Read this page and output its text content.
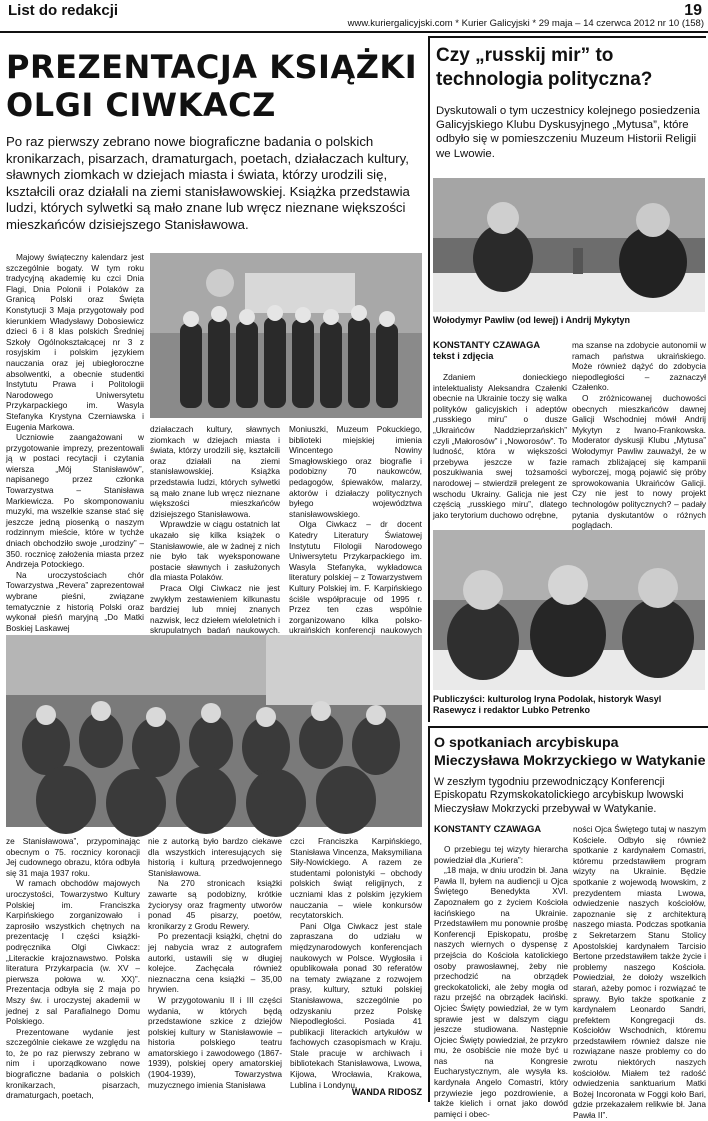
List do redakcji	19
www.kuriergalicyjski.com * Kurier Galicyjski * 29 maja – 14 czerwca 2012 nr 10 (158)
PREZENTACJA KSIĄŻKI
OLGI CIWKACZ
Po raz pierwszy zebrano nowe biograficzne badania o polskich kronikarzach, pisarzach, dramaturgach, poetach, działaczach kultury, sławnych ziomkach w dziejach miasta i świata, którzy urodzili się, kształcili oraz działali na ziemi stanisławowskiej. Książka przedstawia ludzi, których sylwetki są mało znane lub wręcz nieznane większości mieszkańców dzisiejszego Stanisławowa.

Majowy świąteczny kalendarz jest szczególnie bogaty. W tym roku tradycyjną akademię ku czci Dnia Flagi, Dnia Polonii i Polaków za Granicą Polski oraz Święta Konstytucji 3 Maja przygotowały pod kierunkiem Władysławy Dobosiewicz dzieci 6 i 8 klas polskich Średniej Szkoły Ogólnokształcącej nr 3 z rosyjskim i polskim językiem nauczania oraz jej ubiegłoroczne absolwentki, a obecnie studentki Instytutu Prawa i Politologii Narodowego Uniwersytetu Przykarpackiego im. Wasyla Stefanyka Krystyna Czerniawska i Eugenia Markowa.

Uczniowie zaangażowani w przygotowanie imprezy, prezentowali ją w postaci recytacji i czytania wiersza „Mój Stanisławów”, napisanego przez członka Towarzystwa – Stanisława Markiewicza. Po skomponowaniu muzyki, ma wszelkie szanse stać się jeszcze jedną piosenką o naszym rodzinnym mieście, które w tychże dniach obchodziło swoje „urodziny” – 350. rocznicę założenia miasta przez Andrzeja Potockiego.

Na uroczystościach chór Towarzystwa „Revera” zaprezentował wybrane pieśni, związane tematycznie z historią Polski oraz wykonał pieśń maryjną „Do Matki Boskiej Laskawej

działaczach kultury, sławnych ziomkach w dziejach miasta i świata, którzy urodzili się, kształcili oraz działali na ziemi stanisławowskiej. Książka przedstawia ludzi, których sylwetki są mało znane lub wręcz nieznane większości mieszkańców dzisiejszego Stanisławowa.

Wprawdzie w ciągu ostatnich lat ukazało się kilka książek o Stanisławowie, ale w żadnej z nich nie było tak wyeksponowane postacie sławnych i zasłużonych dla miasta Polaków.

Praca Olgi Ciwkacz nie jest zwykłym zestawieniem kilkunastu bardziej lub mniej znanych nazwisk, lecz dziełem wieloletnich i skrupulatnych badań naukowych.

Moniuszki, Muzeum Pokuckiego, biblioteki miejskiej imienia Wincentego Nowiny Smagłowskiego oraz biografie i podobizny 70 naukowców, pedagogów, śpiewaków, malarzy, aktorów i działaczy politycznych byłego województwa stanisławowskiego.

Olga Ciwkacz – dr docent Katedry Literatury Światowej Instytutu Filologii Narodowego Uniwersytetu Przykarpackiego im. Wasyla Stefanyka, wykładowca literatury polskiej – z Towarzystwem Kultury Polskiej im. F. Karpińskiego ściśle współpracuje od 1995 r. Przez ten czas wspólnie zorganizowano kilka polsko-ukraińskich konferencji naukowych

ze Stanisławowa”, przypominając obecnym o 75. rocznicy koronacji Jej cudownego obrazu, która odbyła się 31 maja 1937 roku.

W ramach obchodów majowych uroczystości, Towarzystwo Kultury Polskiej im. Franciszka Karpińskiego zorganizowało i zaprosiło wszystkich chętnych na prezentację I części książki-podręcznika Olgi Ciwkacz: „Literackie krajoznawstwo. Polska literatura Przykarpacia (w. XV – pierwsza połowa w. XX)”. Prezentacja odbyła się 2 maja po Mszy św. i uroczystej akademii w jednej z sal Parafialnego Domu Polskiego.

Prezentowane wydanie jest szczególnie ciekawe ze względu na to, że po raz pierwszy zebrano w nim i uporządkowano nowe biograficzne badania o polskich kronikarzach, pisarzach, dramaturgach, poetach,

nie z autorką było bardzo ciekawe dla wszystkich interesujących się historią i kulturą przedwojennego Stanisławowa.

Na 270 stronicach książki zawarte są podobizny, krótkie życiorysy oraz fragmenty utworów ponad 45 pisarzy, poetów, kronikarzy z Grodu Rewery.

Po prezentacji książki, chętni do jej nabycia wraz z autografem autorki, ustawili się w długiej kolejce. Zachęcała również nieznaczna cena książki – 35,00 hrywien.

W przygotowaniu II i III części wydania, w których będą przedstawione szkice z dziejów polskiej kultury w Stanisławowie – historia polskiego teatru amatorskiego i zawodowego (1867-1939), polskiej opery amatorskiej (1904-1939), Towarzystwa muzycznego imienia Stanisława

czci Franciszka Karpińskiego, Stanisława Vincenza, Maksymiliana Siły-Nowickiego. A razem ze studentami polonistyki – obchody polskich świąt religijnych, z uczniami klas z polskim językiem nauczania – wiele konkursów recytatorskich.

Pani Olga Ciwkacz jest stale zapraszana do udziału w międzynarodowych konferencjach naukowych w Polsce. Wygłosiła i opublikowała ponad 30 referatów na tematy związane z rozwojem prasy, kultury, sztuki polskiej Stanisławowa, szczególnie po odzyskaniu przez Polskę Niepodległości. Posiada 41 publikacji literackich artykułów w fachowych czasopismach w Kraju. Stale pracuje w archiwach i bibliotekach Stanisławowa, Lwowa, Kijowa, Wrocławia, Krakowa, Lublina i Londynu.

WANDA RIDOSZ
Czy „russkij mir” to technologia polityczna?
Dyskutowali o tym uczestnicy kolejnego posiedzenia Galicyjskiego Klubu Dyskusyjnego „Mytusa”, które odbyło się w pomieszczeniu Muzeum Historii Religii we Lwowie.
Wołodymyr Pawliw (od lewej) i Andrij Mykytyn
KONSTANTY CZAWAGA
tekst i zdjęcia

Zdaniem donieckiego intelektualisty Aleksandra Czałenki obecnie na Ukrainie toczy się walka polityków galicyjskich i adeptów „russkiego miru” o dusze „Ukraińców Naddzieprzańskich” czyli „Małorosów” i „Noworosów”. To ludność, która w większości przebywa jeszcze w fazie poszukiwania swej tożsamości narodowej – stwierdził prelegent ze wschodu Ukrainy. Galicja nie jest częścią „russkiego miru”, dlatego jako terytorium duchowo odrębne,

ma szanse na zdobycie autonomii w ramach państwa ukraińskiego. Może również dążyć do zdobycia niepodległości – zaznaczył Czałenko.

O zróżnicowanej duchowości obecnych mieszkańców dawnej Galicji Wschodniej mówił Andrij Mykytyn z Iwano-Frankowska. Moderator dyskusji Klubu „Mytusa” Wołodymyr Pawliw zauważył, że w ramach zbliżającej się kampanii wyborczej, mogą pojawić się próby sprowokowania Ukraińców Galicji. Czy nie jest to nowy projekt technologów politycznych? – padały pytania dyskutantów o różnych poglądach.

Publiczyści: kulturolog Iryna Podolak, historyk Wasyl Rasewycz i redaktor Lubko Petrenko
O spotkaniach arcybiskupa Mieczysława Mokrzyckiego w Watykanie
W zeszłym tygodniu przewodniczący Konferencji Episkopatu Rzymskokatolickiego arcybiskup lwowski Mieczysław Mokrzycki przebywał w Watykanie.
KONSTANTY CZAWAGA

O przebiegu tej wizyty hierarcha powiedział dla „Kuriera”:

„18 maja, w dniu urodzin bł. Jana Pawła II, byłem na audiencji u Ojca Świętego Benedykta XVI. Zapoznałem go z życiem Kościoła łacińskiego na Ukrainie. Przedstawiłem mu ponownie prośbę Konferencji Episkopatu, prośbę naszych wiernych o dyspensę z przejścia do Kościoła katolickiego osoby prawosławnej, żeby nie przechodzić na obrządek greckokatolicki, ale żeby mogła od razu przejść na obrządek łaciński. Ojciec Święty powiedział, że w tym sprawie jest w dalszym ciągu jeszcze studiowana. Następnie Ojciec Święty powiedział, że przykro mu, że osobiście nie może być u nas na Kongresie Eucharystycznym, ale wysyła ks. kardynała Angelo Comastri, który przywiezie jego pozdrowienie, a także kielich i ornat jako dowód pamięci i obec-

ności Ojca Świętego tutaj w naszym Kościele. Odbyło się również spotkanie z kardynałem Comastri, któremu przedstawiłem program wizyty na Ukrainie. Będzie spotkanie z wojewodą lwowskim, z prezydentem miasta Lwowa, odwiedzenie naszych kościołów, zapoznanie się z architekturą naszego miasta. Podczas spotkania z Sekretarzem Stanu Stolicy Apostolskiej kardynałem Tarcisio Bertone przedstawiłem także życie i problemy naszego Kościoła. Powiedział, że dołoży wszelkich starań, ażeby pomoc i rozwiązać te sprawy. Było także spotkanie z kardynałem Leonardo Sandri, prefektem Kongregacji ds. Kościołów Wschodnich, któremu przedstawiłem również dalsze nie rozwiązane nasze problemy co do zwrotu niektórych naszych kościołów. Miałem też radość odwiedzenia sanktuarium Matki Bożej Incoronata w Foggi koło Bari, gdzie przekazałem relikwie bł. Jana Pawła II”.
